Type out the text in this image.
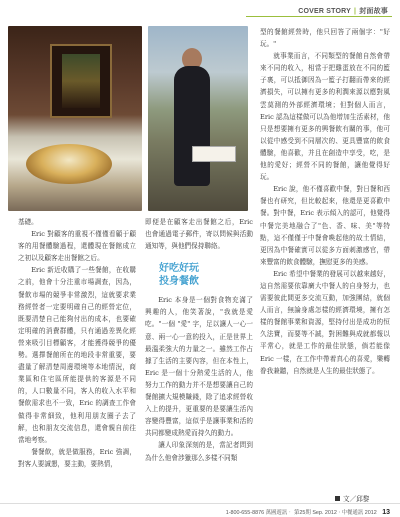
COVER STORY | 封面故事

基礎。

Eric 對顧客的重視不僅僅看顧于顧客的用餐體驗過程，還體現在餐館成立之初以及顧客走出餐館之后。

Eric 新近收購了一些餐館，在收購之前，他會十分注重市場調查，因為，餐飲市場的競爭非常激烈，這就要求業務經營者一定要明確自己的經營定位，既要清楚自己能夠付出的成本，也要確定明確的消費群體，只有通過差異化經營來吸引目標顧客，才能獲得競爭的優勢。選擇餐館所在的地段非常重要，要盡量了解清楚周邊環境等本地情況，商業區和住宅區所能提供的客源是不同的，人口數量不同，客人的收入水平和餐飲需求也不一致，Eric 的調查工作會做得非常細致，他利用朋友圈子去了解，也和朋友交流信息，還會親自前往當地考察。

餐餐飲，就是做服務，Eric 強調，對客人要誠懇，要主動，要熱情，

即便是在顧客走出餐館之后，Eric 也會通過電子郵件，寄以問候與活動通知等，與他們保持聯絡。

好吃好玩
投身餐飲

Eric 本身是一個對食物充滿了興趣的人，他笑著說，"我就是愛吃。"一個 "愛" 字，足以讓人一心一意、兩一心一意的投入，正是世界上最溫柔強大的力量之一。雖然工作占據了生活的主要內容，但在本性上，Eric 是一個十分熱愛生活的人，他努力工作的動力并不是想要讓自己的餐館擴大規模賺錢，除了追求經營收入上的提升，更重要的是要讓生活內容變得豐富，這似乎是讓事業和活的共同都變成熱愛而持久的動力。

讓人印象深刻的是，當記者問到為什么他會涉獵那么多樣不同類

型的餐館經營時，他只回答了兩個字："好玩。"

就事業而言，不同類型的餐館自然會帶來不同的收入，相當于把雞蛋放在不同的籃子裏，可以抵御因為一籃子打翻而帶來的經濟損失，可以擁有更多的利潤來源以應對風雲莫測的外部經濟環境；但對個人而言，Eric 認為這樣做可以為他增加生活素材，他只是想要擁有更多的興餐飲有關的事，他可以從中感受到不同層次的、更具豐富的飲食體驗，他喜歡，并且在創造中享受，吃，是他的愛好；經營不同的餐館，讓他覺得好玩。

Eric 說，他不僅喜歡中餐，對日餐和西餐也有研究，但比較起來，他還是更喜歡中餐。對中餐，Eric 表示傾入的認可，他覺得中餐完美地融合了"色、香、味、美"等特點，這不僅僅于中餐會喚起他的故土情結，更因為中餐確實可以從多方面刺激感官，帶來豐富的飲食體驗，撫慰更多的美感。

Eric 希望中餐業的發展可以越來越好，這自然需要依靠廣大中餐人的自身努力，也需要彼此間更多交流互動，加強團結，就個人而言，無論身處怎樣的經濟環境，擁有怎樣的餐館事業和資源，堅持付出是成功的恒久法寶，而要等不誠，對困難與成就都報以平常心，就是工作的最佳狀態，倘若能像 Eric 一樣，在工作中帶着真心的喜愛，樂轉眷我兼聽，自然就是人生的最佳狀態了。

文／邱黎
1-800-655-8876 萬國遊訊‧ 第25期 Sep. 2012 ‧ 中餐通訊 2012 13
